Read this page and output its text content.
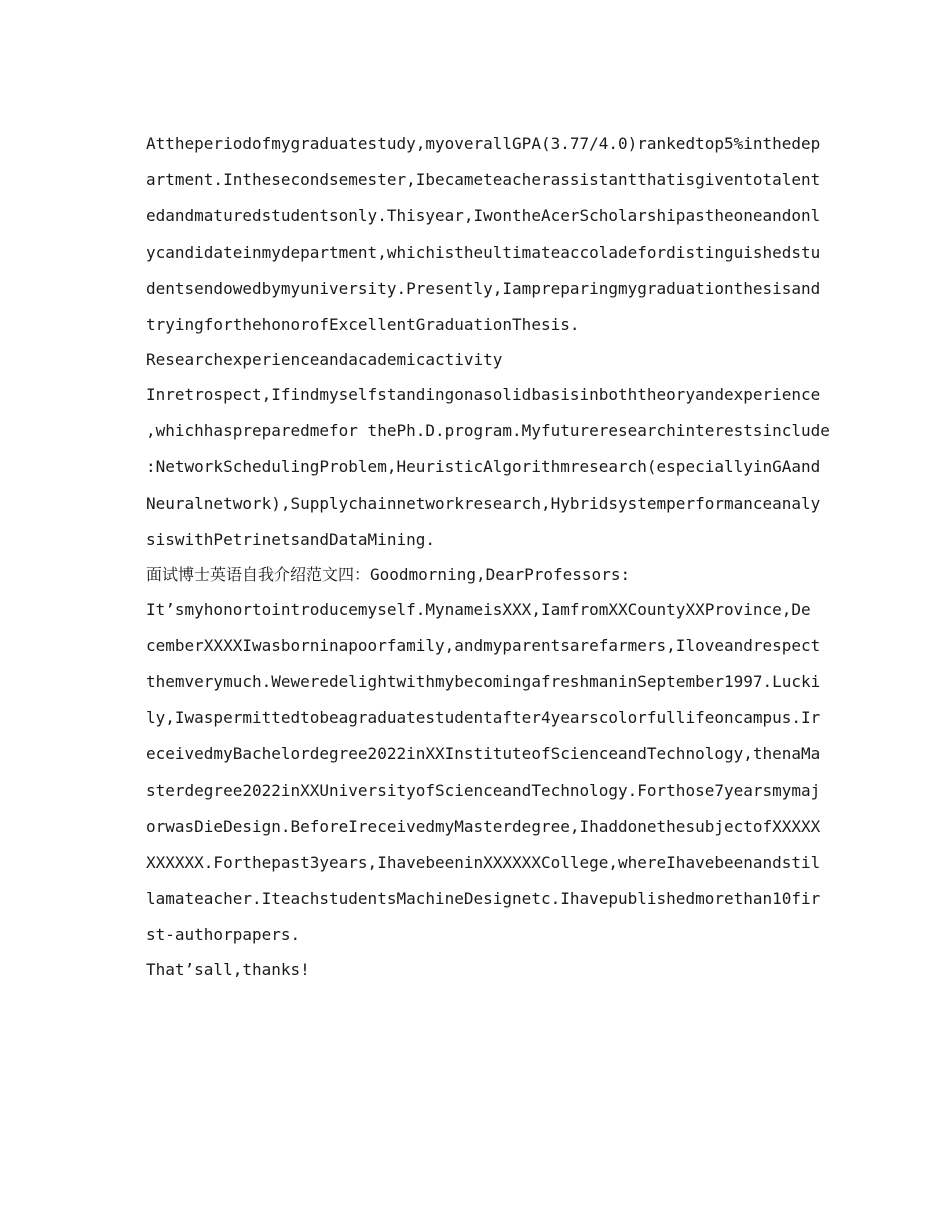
Attheperiodofmygraduatestudy,myoverallGPA(3.77/4.0)rankedtop5%inthedep
artment.Inthesecondsemester,Ibecameteacherassistantthatisgiventotalent
edandmaturedstudentsonly.Thisyear,IwontheAcerScholarshipastheoneandonl
ycandidateinmydepartment,whichistheultimateaccoladefordistinguishedstu
dentsendowedbymyuniversity.Presently,Iampreparingmygraduationthesisand
tryingforthehonorofExcellentGraduationThesis.
Researchexperienceandacademicactivity
Inretrospect,Ifindmyselfstandingonasolidbasisinboththeoryandexperience
,whichhaspreparedmefor thePh.D.program.Myfutureresearchinterestsinclude
:NetworkSchedulingProblem,HeuristicAlgorithmresearch(especiallyinGAand
Neuralnetwork),Supplychainnetworkresearch,Hybridsystemperformanceanaly
siswithPetrinetsandDataMining.
面试博士英语自我介绍范文四：Goodmorning,DearProfessors:
It’smyhonortointroducemyself.MynameisXXX,IamfromXXCountyXXProvince,De
cemberXXXXIwasborninapoorfamily,andmyparentsarefarmers,Iloveandrespect
themverymuch.WeweredelightwithmybecomingafreshmaninSeptember1997.Lucki
ly,Iwaspermittedtobeagraduatestudentafter4yearscolorfullifeoncampus.Ir
eceivedmyBachelordegree2022inXXInstituteofScienceandTechnology,thenaMa
sterdegree2022inXXUniversityofScienceandTechnology.Forthose7yearsmymaj
orwasDieDesign.BeforeIreceivedmyMasterdegree,IhaddonethesubjectofXXXXX
XXXXXX.Forthepast3years,IhavebeeninXXXXXXCollege,whereIhavebeenandstil
lamateacher.IteachstudentsMachineDesignetc.Ihavepublishedmorethan10fir
st-authorpapers.
That’sall,thanks!
